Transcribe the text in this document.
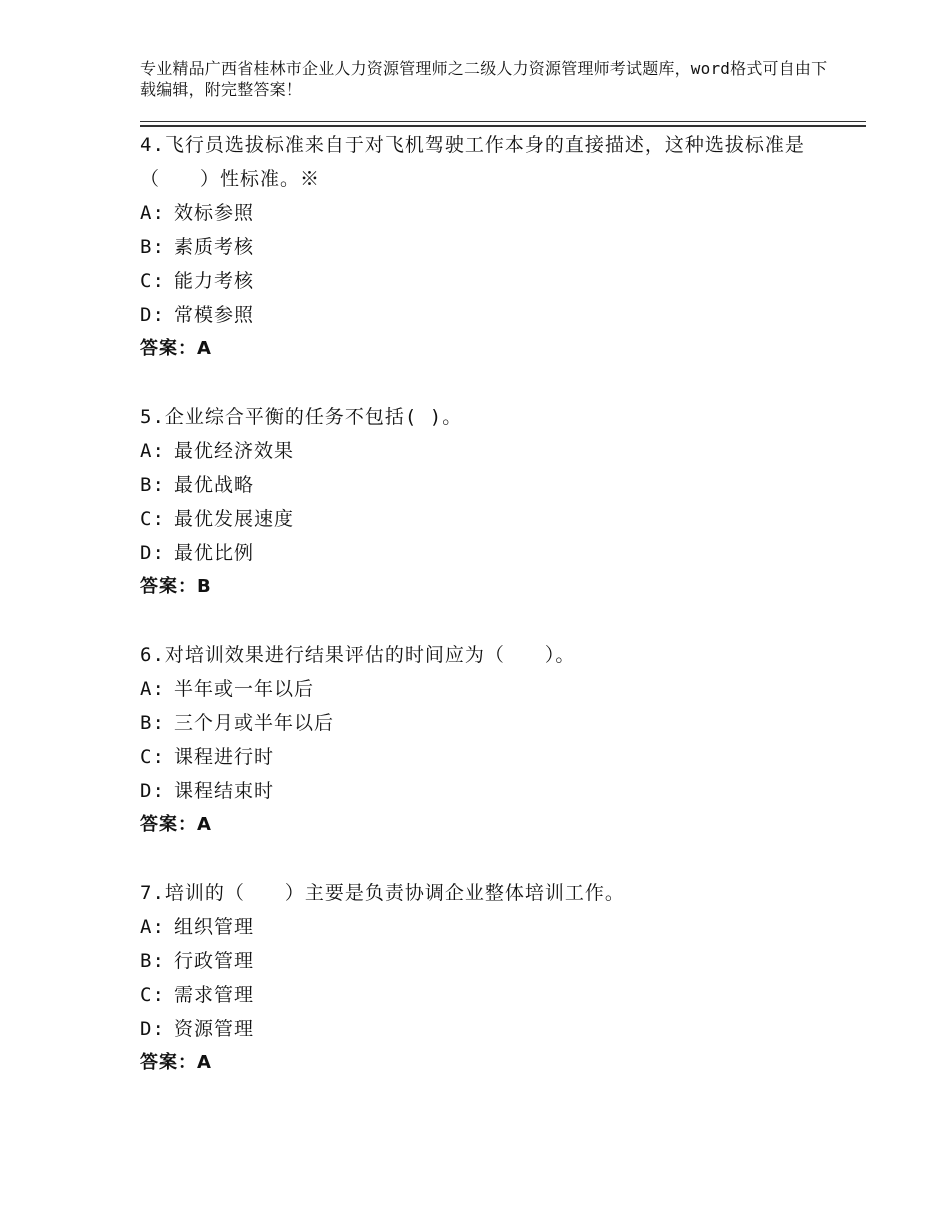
专业精品广西省桂林市企业人力资源管理师之二级人力资源管理师考试题库，word格式可自由下载编辑，附完整答案！
4.飞行员选拔标准来自于对飞机驾驶工作本身的直接描述，这种选拔标准是（　　）性标准。※
A: 效标参照
B: 素质考核
C: 能力考核
D: 常模参照
答案：A
5.企业综合平衡的任务不包括( )。
A: 最优经济效果
B: 最优战略
C: 最优发展速度
D: 最优比例
答案：B
6.对培训效果进行结果评估的时间应为（　　）。
A: 半年或一年以后
B: 三个月或半年以后
C: 课程进行时
D: 课程结束时
答案：A
7.培训的（　　）主要是负责协调企业整体培训工作。
A: 组织管理
B: 行政管理
C: 需求管理
D: 资源管理
答案：A
